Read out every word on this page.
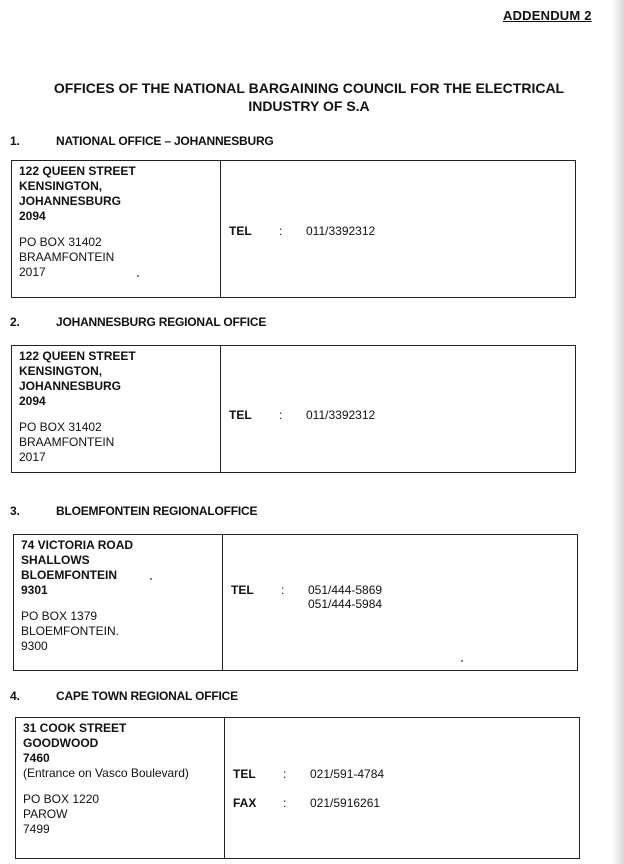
ADDENDUM 2
OFFICES OF THE NATIONAL BARGAINING COUNCIL FOR THE ELECTRICAL
INDUSTRY OF S.A
1.	NATIONAL OFFICE – JOHANNESBURG
122 QUEEN STREET
KENSINGTON,
JOHANNESBURG
2094
PO BOX 31402
BRAAMFONTEIN
2017
TEL	:	011/3392312
2.	JOHANNESBURG REGIONAL OFFICE
122 QUEEN STREET
KENSINGTON,
JOHANNESBURG
2094
PO BOX 31402
BRAAMFONTEIN
2017
TEL	:	011/3392312
3.	BLOEMFONTEIN REGIONALOFFICE
74 VICTORIA ROAD
SHALLOWS
BLOEMFONTEIN
9301
PO BOX 1379
BLOEMFONTEIN.
9300
TEL	:	051/444-5869
051/444-5984
4.	CAPE TOWN REGIONAL OFFICE
31 COOK STREET
GOODWOOD
7460
(Entrance on Vasco Boulevard)
PO BOX 1220
PAROW
7499
TEL	:	021/591-4784
FAX	:	021/5916261
